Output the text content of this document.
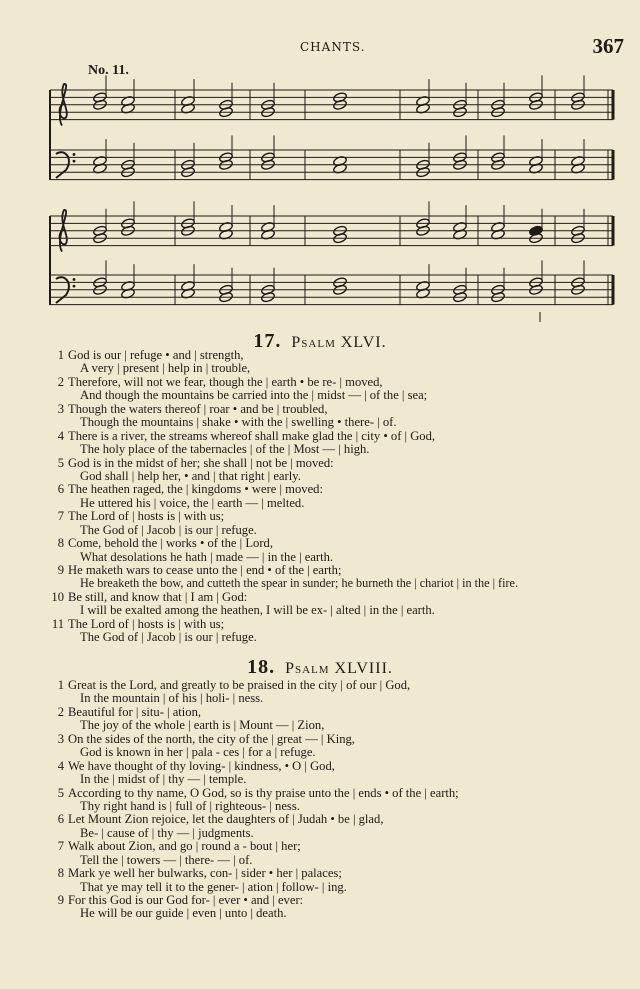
CHANTS.	367
No. 11.
17. Psalm XLVI.
1 God is our | refuge • and | strength,
A very | present | help in | trouble,
2 Therefore, will not we fear, though the | earth • be re- | moved,
And though the mountains be carried into the | midst — | of the | sea;
3 Though the waters thereof | roar • and be | troubled,
Though the mountains | shake • with the | swelling • there- | of.
4 There is a river, the streams whereof shall make glad the | city • of | God,
The holy place of the tabernacles | of the | Most — | high.
5 God is in the midst of her; she shall | not be | moved:
God shall | help her, • and | that right | early.
6 The heathen raged, the | kingdoms • were | moved:
He uttered his | voice, the | earth — | melted.
7 The Lord of | hosts is | with us;
The God of | Jacob | is our | refuge.
8 Come, behold the | works • of the | Lord,
What desolations he hath | made — | in the | earth.
9 He maketh wars to cease unto the | end • of the | earth;
He breaketh the bow, and cutteth the spear in sunder; he burneth the | chariot | in the | fire.
10 Be still, and know that | I am | God:
I will be exalted among the heathen, I will be ex- | alted | in the | earth.
11 The Lord of | hosts is | with us;
The God of | Jacob | is our | refuge.
18. Psalm XLVIII.
1 Great is the Lord, and greatly to be praised in the city | of our | God,
In the mountain | of his | holi- | ness.
2 Beautiful for | situ- | ation,
The joy of the whole | earth is | Mount — | Zion,
3 On the sides of the north, the city of the | great — | King,
God is known in her | pala - ces | for a | refuge.
4 We have thought of thy loving- | kindness, • O | God,
In the | midst of | thy — | temple.
5 According to thy name, O God, so is thy praise unto the | ends • of the | earth;
Thy right hand is | full of | righteous- | ness.
6 Let Mount Zion rejoice, let the daughters of | Judah • be | glad,
Be- | cause of | thy — | judgments.
7 Walk about Zion, and go | round a - bout | her;
Tell the | towers — | there- — | of.
8 Mark ye well her bulwarks, con- | sider • her | palaces;
That ye may tell it to the gener- | ation | follow- | ing.
9 For this God is our God for- | ever • and | ever:
He will be our guide | even | unto | death.
